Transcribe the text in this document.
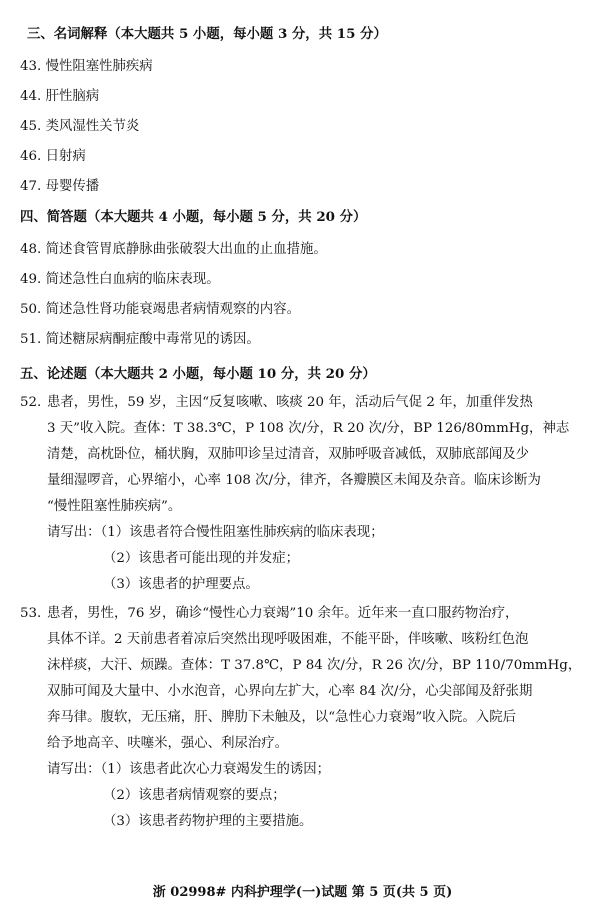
三、名词解释（本大题共 5 小题，每小题 3 分，共 15 分）
43. 慢性阻塞性肺疾病
44. 肝性脑病
45. 类风湿性关节炎
46. 日射病
47. 母婴传播
四、简答题（本大题共 4 小题，每小题 5 分，共 20 分）
48. 简述食管胃底静脉曲张破裂大出血的止血措施。
49. 简述急性白血病的临床表现。
50. 简述急性肾功能衰竭患者病情观察的内容。
51. 简述糖尿病酮症酸中毒常见的诱因。
五、论述题（本大题共 2 小题，每小题 10 分，共 20 分）
52. 患者，男性，59 岁，主因“反复咳嗽、咳痰 20 年，活动后气促 2 年，加重伴发热
3 天”收入院。查体：T 38.3℃，P 108 次/分，R 20 次/分，BP 126/80mmHg，神志
清楚，高枕卧位，桶状胸，双肺叩诊呈过清音，双肺呼吸音减低，双肺底部闻及少
量细湿啰音，心界缩小，心率 108 次/分，律齐，各瓣膜区未闻及杂音。临床诊断为
“慢性阻塞性肺疾病”。
请写出：（1）该患者符合慢性阻塞性肺疾病的临床表现；
（2）该患者可能出现的并发症；
（3）该患者的护理要点。
53. 患者，男性，76 岁，确诊“慢性心力衰竭”10 余年。近年来一直口服药物治疗，
具体不详。2 天前患者着凉后突然出现呼吸困难，不能平卧，伴咳嗽、咳粉红色泡
沫样痰，大汗、烦躁。查体：T 37.8℃，P 84 次/分，R 26 次/分，BP 110/70mmHg，
双肺可闻及大量中、小水泡音，心界向左扩大，心率 84 次/分，心尖部闻及舒张期
奔马律。腹软，无压痛，肝、脾肋下未触及，以“急性心力衰竭”收入院。入院后
给予地高辛、呋噻米，强心、利尿治疗。
请写出：（1）该患者此次心力衰竭发生的诱因；
（2）该患者病情观察的要点；
（3）该患者药物护理的主要措施。
浙 02998# 内科护理学(一)试题 第 5 页(共 5 页)
